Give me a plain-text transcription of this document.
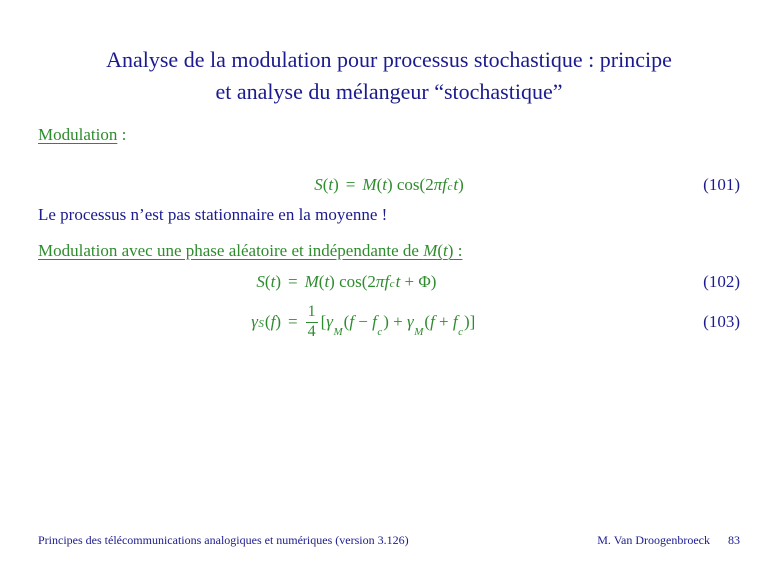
Analyse de la modulation pour processus stochastique : principe
et analyse du mélangeur “stochastique”
Modulation :
S ( t ) = M ( t ) cos(2 π f c t )	(101)
Le processus n’est pas stationnaire en la moyenne !
Modulation avec une phase aléatoire et indépendante de M(t) :
S ( t ) = M ( t ) cos(2 π f c t + Φ)	(102)
γ S ( f ) = $\frac{1}{4}$ [ γ
M
( f − f
c
) + γ
M
( f + f
c
)]	(103)
Principes des télécommunications analogiques et numériques (version 3.126)	M. Van Droogenbroeck 83
